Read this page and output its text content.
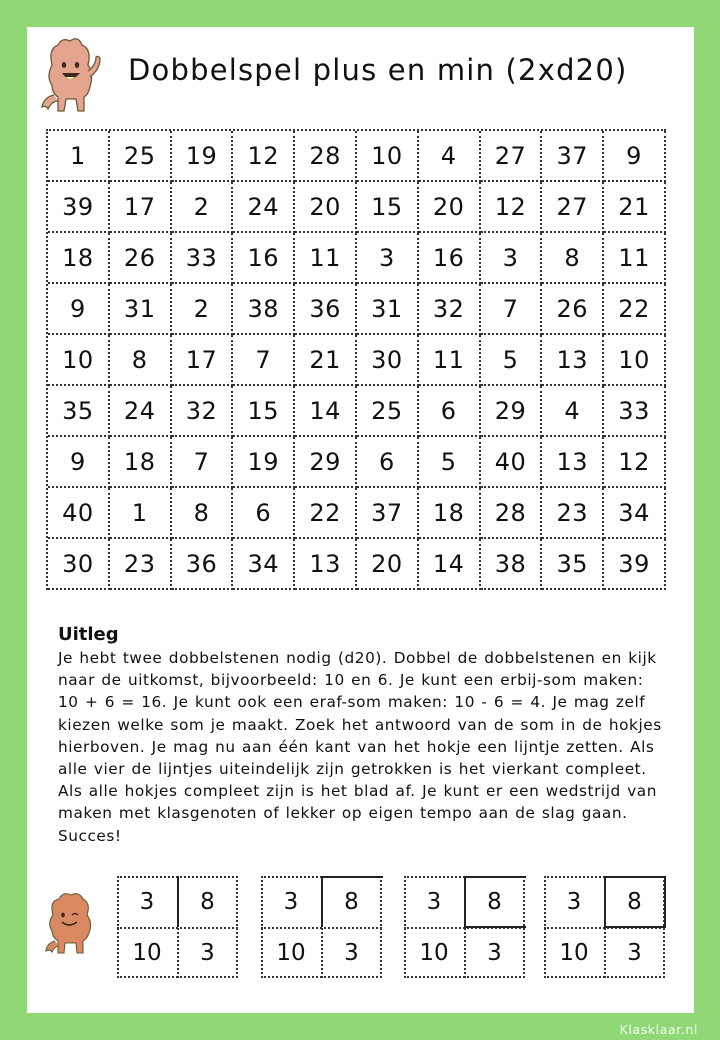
Dobbelspel plus en min (2xd20)
1	25	19	12	28	10	4	27	37	9
39	17	2	24	20	15	20	12	27	21
18	26	33	16	11	3	16	3	8	11
9	31	2	38	36	31	32	7	26	22
10	8	17	7	21	30	11	5	13	10
35	24	32	15	14	25	6	29	4	33
9	18	7	19	29	6	5	40	13	12
40	1	8	6	22	37	18	28	23	34
30	23	36	34	13	20	14	38	35	39
Uitleg

Je hebt twee dobbelstenen nodig (d20). Dobbel de dobbelstenen en kijk naar de uitkomst, bijvoorbeeld: 10 en 6. Je kunt een erbij-som maken: 10 + 6 = 16. Je kunt ook een eraf-som maken: 10 - 6 = 4. Je mag zelf kiezen welke som je maakt. Zoek het antwoord van de som in de hokjes hierboven. Je mag nu aan één kant van het hokje een lijntje zetten. Als alle vier de lijntjes uiteindelijk zijn getrokken is het vierkant compleet. Als alle hokjes compleet zijn is het blad af. Je kunt er een wedstrijd van maken met klasgenoten of lekker op eigen tempo aan de slag gaan. Succes!

3	8
10	3
3	8
10	3
3	8
10	3
3	8
10	3
Klasklaar.nl
